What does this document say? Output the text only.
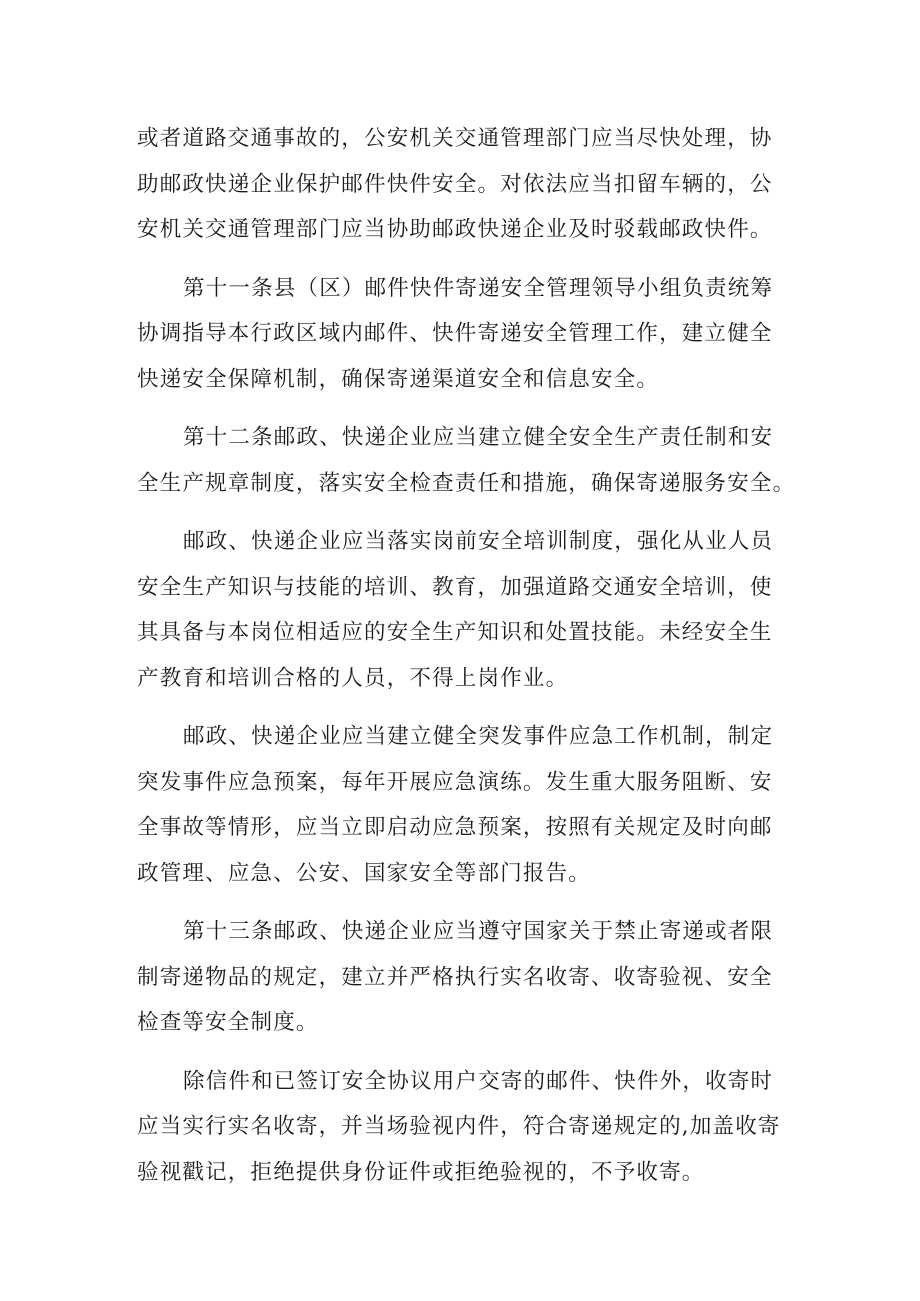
或者道路交通事故的，公安机关交通管理部门应当尽快处理，协
助邮政快递企业保护邮件快件安全。对依法应当扣留车辆的，公
安机关交通管理部门应当协助邮政快递企业及时驳载邮政快件。

第十一条县（区）邮件快件寄递安全管理领导小组负责统筹
协调指导本行政区域内邮件、快件寄递安全管理工作，建立健全
快递安全保障机制，确保寄递渠道安全和信息安全。

第十二条邮政、快递企业应当建立健全安全生产责任制和安
全生产规章制度，落实安全检查责任和措施，确保寄递服务安全。

邮政、快递企业应当落实岗前安全培训制度，强化从业人员
安全生产知识与技能的培训、教育，加强道路交通安全培训，使
其具备与本岗位相适应的安全生产知识和处置技能。未经安全生
产教育和培训合格的人员，不得上岗作业。

邮政、快递企业应当建立健全突发事件应急工作机制，制定
突发事件应急预案，每年开展应急演练。发生重大服务阻断、安
全事故等情形，应当立即启动应急预案，按照有关规定及时向邮
政管理、应急、公安、国家安全等部门报告。

第十三条邮政、快递企业应当遵守国家关于禁止寄递或者限
制寄递物品的规定，建立并严格执行实名收寄、收寄验视、安全
检查等安全制度。

除信件和已签订安全协议用户交寄的邮件、快件外，收寄时
应当实行实名收寄，并当场验视内件，符合寄递规定的,加盖收寄
验视戳记，拒绝提供身份证件或拒绝验视的，不予收寄。
